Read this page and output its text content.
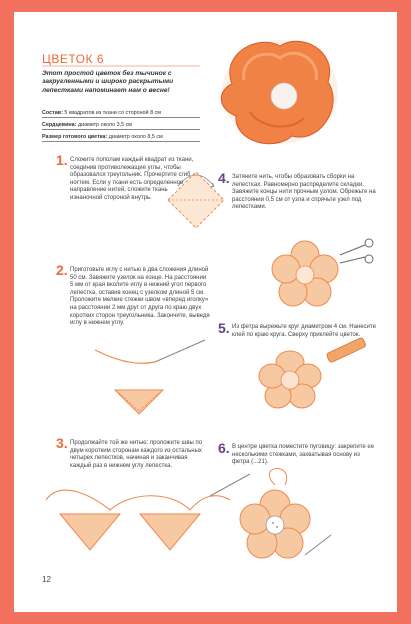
ЦВЕТОК 6
Этот простой цветок без тычинок с закругленными и широко раскрытыми лепестками напоминает нам о весне!
Состав: 5 квадратов из ткани со стороной 8 см
Сердцевина: диаметр около 3,5 см
Размер готового цветка: диаметр около 8,5 см
1. Сложите пополам каждый квадрат из ткани, соединив противолежащие углы, чтобы образовался треугольник. Прочертите сгиб ногтем. Если у ткани есть определенное направление нитей, сложите ткань изнаночной стороной внутрь.
2. Приготовьте иглу с нитью в два сложения длиной 50 см. Завяжите узелок на конце. На расстоянии 5 мм от края вколите иглу в нижний угол первого лепестка, оставив конец с узелком длиной 5 см. Проложите мелкие стежки швом «вперед иголку» на расстоянии 2 мм друг от друга по краю двух коротких сторон треугольника. Закончите, выведя иглу в нижнем углу.
3. Продолжайте той же нитью: проложите швы по двум коротким сторонам каждого из остальных четырех лепестков, начиная и заканчивая каждый раз в нижнем углу лепестка.
4. Затяните нить, чтобы образовать сборки на лепестках. Равномерно распределите складки. Завяжите концы нити прочным узлом. Обрежьте на расстоянии 0,5 см от узла и спрячьте узел под лепестками.
5. Из фетра вырежьте круг диаметром 4 см. Нанесите клей по краю круга. Сверху приклейте цветок.
6. В центре цветка поместите пуговицу: закрепите ее несколькими стежками, захватывая основу из фетра (...21).
12
